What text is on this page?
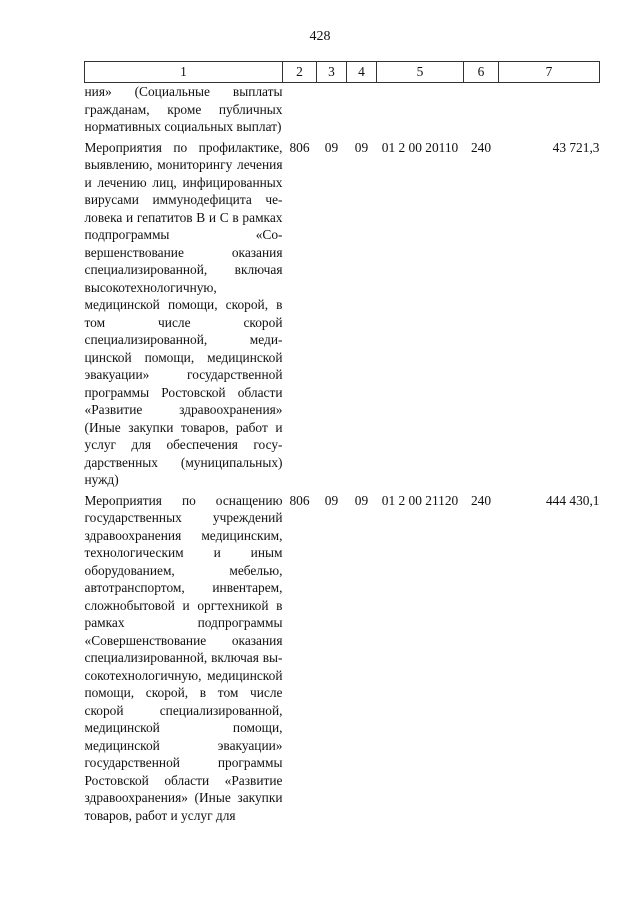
428
1	2	3	4	5	6	7
ния» (Социальные выплаты гражданам, кроме публичных нормативных социальных выплат)						
Мероприятия по профилактике, выявлению, мониторингу лечения и лечению лиц, инфицированных вирусами иммунодефицита человека и гепатитов В и С в рамках подпрограммы «Совершенствование оказания специализированной, включая высокотехнологичную, медицинской помощи, скорой, в том числе скорой специализированной, медицинской помощи, медицинской эвакуации» государственной программы Ростовской области «Развитие здравоохранения» (Иные закупки товаров, работ и услуг для обеспечения государственных (муниципальных) нужд)	806	09	09	01 2 00 20110	240	43 721,3
Мероприятия по оснащению государственных учреждений здравоохранения медицинским, технологическим и иным оборудованием, мебелью, автотранспортом, инвентарем, сложнобытовой и оргтехникой в рамках подпрограммы «Совершенствование оказания специализированной, включая высокотехнологичную, медицинской помощи, скорой, в том числе скорой специализированной, медицинской помощи, медицинской эвакуации» государственной программы Ростовской области «Развитие здравоохранения» (Иные закупки товаров, работ и услуг для	806	09	09	01 2 00 21120	240	444 430,1
